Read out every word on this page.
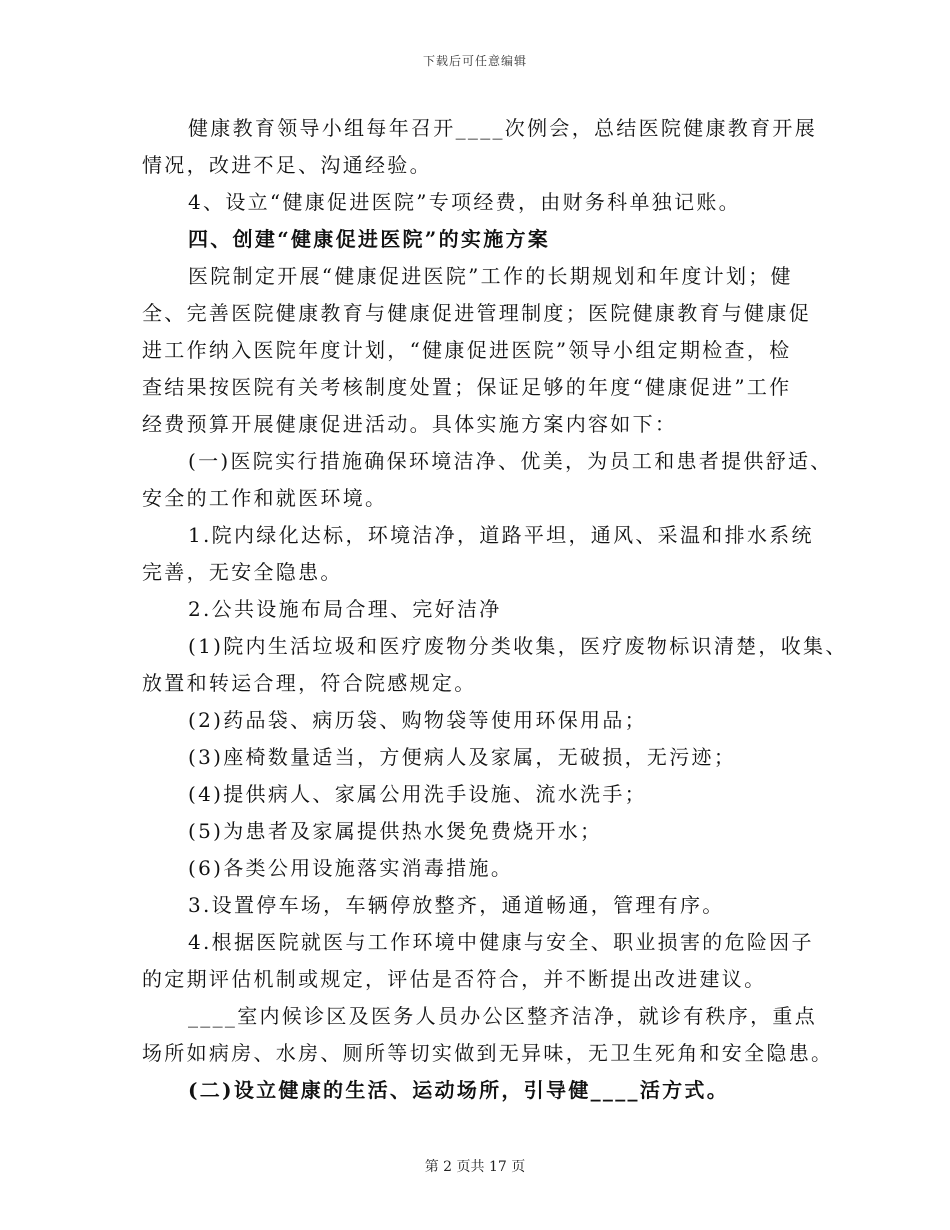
下载后可任意编辑
健康教育领导小组每年召开____次例会，总结医院健康教育开展
情况，改进不足、沟通经验。
4、设立“健康促进医院”专项经费，由财务科单独记账。
四、创建“健康促进医院”的实施方案
医院制定开展“健康促进医院”工作的长期规划和年度计划；健
全、完善医院健康教育与健康促进管理制度；医院健康教育与健康促
进工作纳入医院年度计划，“健康促进医院”领导小组定期检查，检
查结果按医院有关考核制度处置；保证足够的年度“健康促进”工作
经费预算开展健康促进活动。具体实施方案内容如下：
(一)医院实行措施确保环境洁净、优美，为员工和患者提供舒适、
安全的工作和就医环境。
1.院内绿化达标，环境洁净，道路平坦，通风、采温和排水系统
完善，无安全隐患。
2.公共设施布局合理、完好洁净
(1)院内生活垃圾和医疗废物分类收集，医疗废物标识清楚，收集、
放置和转运合理，符合院感规定。
(2)药品袋、病历袋、购物袋等使用环保用品；
(3)座椅数量适当，方便病人及家属，无破损，无污迹；
(4)提供病人、家属公用洗手设施、流水洗手；
(5)为患者及家属提供热水煲免费烧开水；
(6)各类公用设施落实消毒措施。
3.设置停车场，车辆停放整齐，通道畅通，管理有序。
4.根据医院就医与工作环境中健康与安全、职业损害的危险因子
的定期评估机制或规定，评估是否符合，并不断提出改进建议。
____室内候诊区及医务人员办公区整齐洁净，就诊有秩序，重点
场所如病房、水房、厕所等切实做到无异味，无卫生死角和安全隐患。
(二)设立健康的生活、运动场所，引导健____活方式。
第 2 页共 17 页
